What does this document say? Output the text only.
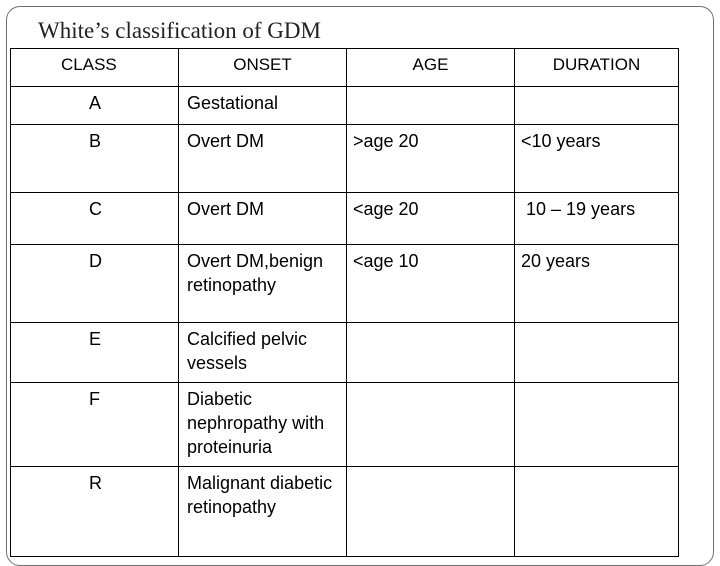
White’s classification of GDM
CLASS	ONSET	AGE	DURATION
A	Gestational		
B	Overt DM	>age 20	<10 years
C	Overt DM	<age 20	10 – 19 years
D	Overt DM,benign retinopathy	<age 10	20 years
E	Calcified pelvic vessels		
F	Diabetic nephropathy with proteinuria		
R	Malignant diabetic retinopathy		
